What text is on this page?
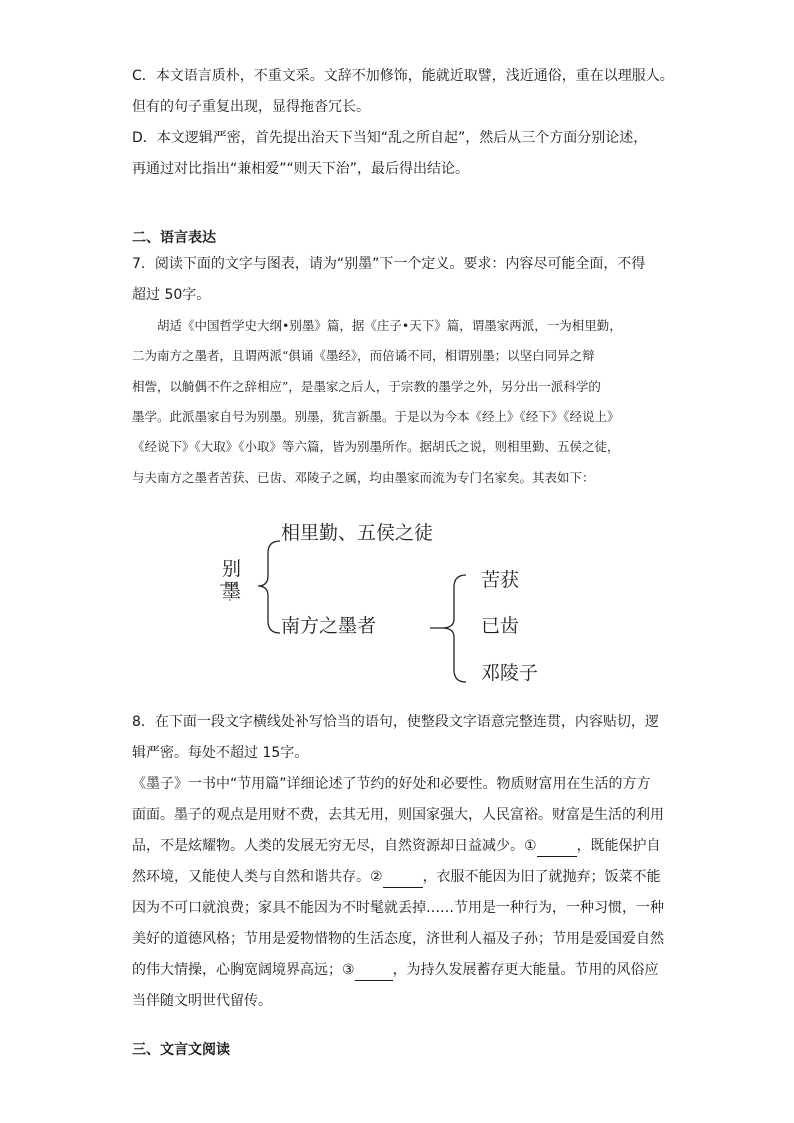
C．本文语言质朴，不重文采。文辞不加修饰，能就近取譬，浅近通俗，重在以理服人。
但有的句子重复出现，显得拖沓冗长。
D．本文逻辑严密，首先提出治天下当知“乱之所自起”，然后从三个方面分别论述，
再通过对比指出“兼相爱”“则天下治”，最后得出结论。
二、语言表达
7．阅读下面的文字与图表，请为“别墨”下一个定义。要求：内容尽可能全面，不得
超过 50字。
　　胡适《中国哲学史大纲•别墨》篇，据《庄子•天下》篇，谓墨家两派，一为相里勤，
二为南方之墨者，且谓两派“俱诵《墨经》，而倍谲不同，相谓别墨；以坚白同异之辩
相訾，以觭偶不仵之辞相应”，是墨家之后人，于宗教的墨学之外，另分出一派科学的
墨学。此派墨家自号为别墨。别墨，犹言新墨。于是以为今本《经上》《经下》《经说上》
《经说下》《大取》《小取》等六篇，皆为别墨所作。据胡氏之说，则相里勤、五侯之徒，
与夫南方之墨者苦获、已齿、邓陵子之属，均由墨家而流为专门名家矣。其表如下：
别墨
相里勤、五侯之徒
南方之墨者
苦获
已齿
邓陵子
8．在下面一段文字横线处补写恰当的语句，使整段文字语意完整连贯，内容贴切，逻
辑严密。每处不超过 15字。
《墨子》一书中“节用篇”详细论述了节约的好处和必要性。物质财富用在生活的方方
面面。墨子的观点是用财不费，去其无用，则国家强大，人民富裕。财富是生活的利用
品，不是炫耀物。人类的发展无穷无尽，自然资源却日益减少。①	，既能保护自
然环境，又能使人类与自然和谐共存。②	，衣服不能因为旧了就抛弃；饭菜不能
因为不可口就浪费；家具不能因为不时髦就丢掉……节用是一种行为，一种习惯，一种
美好的道德风格；节用是爱物惜物的生活态度，济世利人福及子孙；节用是爱国爱自然
的伟大情操，心胸宽阔境界高远；③	，为持久发展蓄存更大能量。节用的风俗应
当伴随文明世代留传。
三、文言文阅读
